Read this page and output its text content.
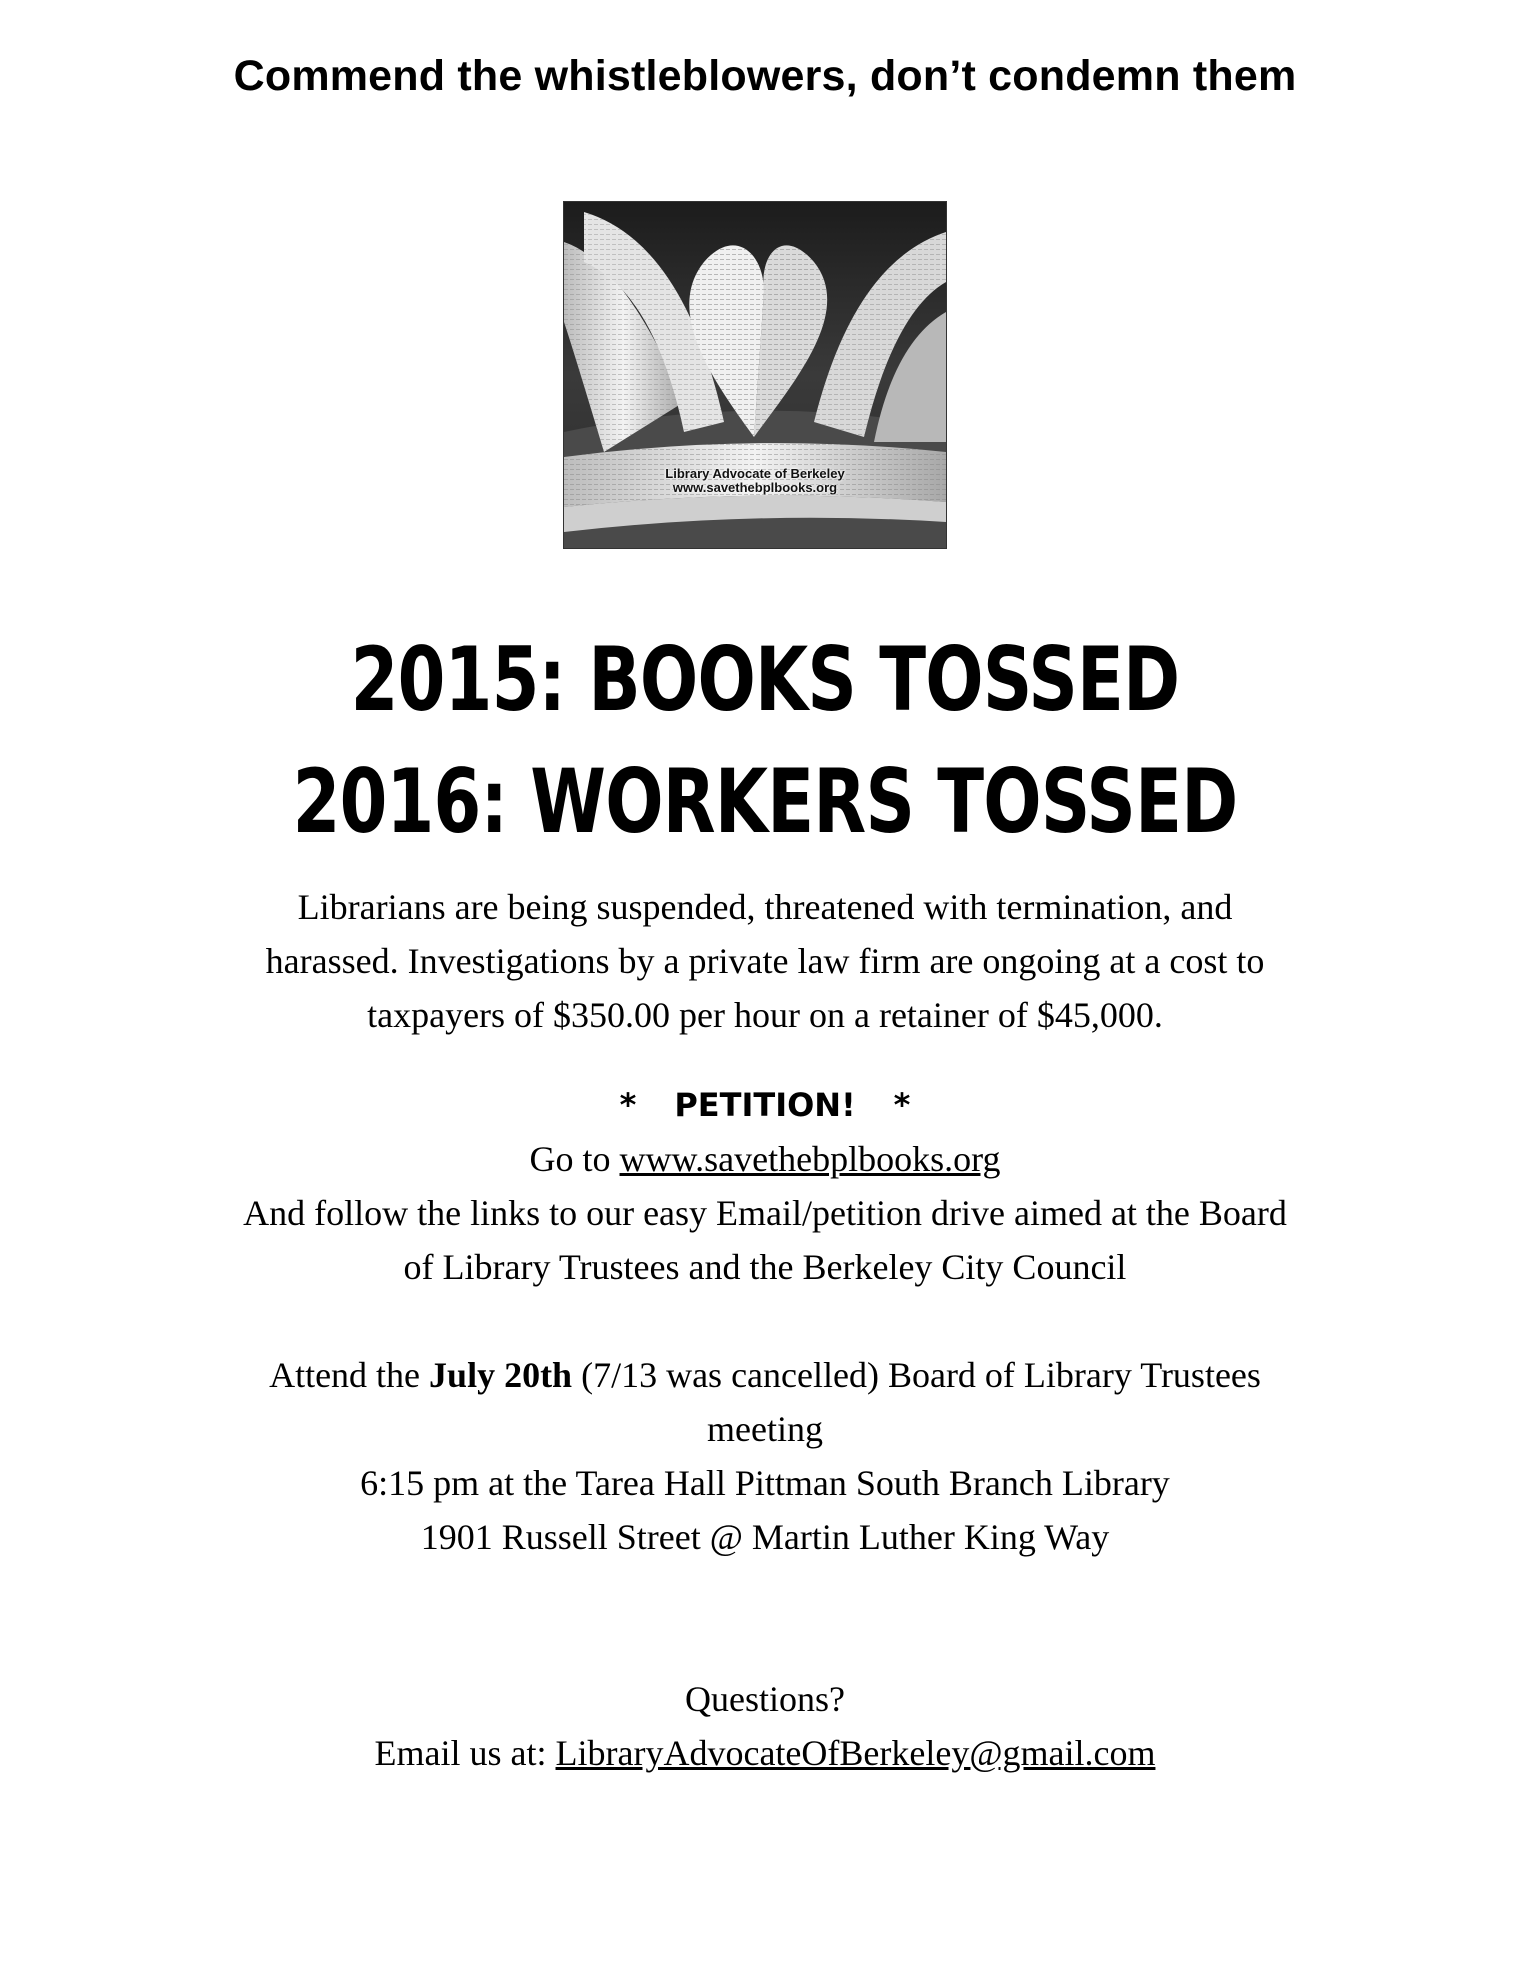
Commend the whistleblowers, don’t condemn them
Library Advocate of Berkeley
www.savethebplbooks.org
2015: BOOKS TOSSED
2016: WORKERS TOSSED
Librarians are being suspended, threatened with termination, and
harassed. Investigations by a private law firm are ongoing at a cost to
taxpayers of $350.00 per hour on a retainer of $45,000.
* PETITION! *
Go to www.savethebplbooks.org
And follow the links to our easy Email/petition drive aimed at the Board
of Library Trustees and the Berkeley City Council
Attend the July 20th (7/13 was cancelled) Board of Library Trustees
meeting
6:15 pm at the Tarea Hall Pittman South Branch Library
1901 Russell Street @ Martin Luther King Way
Questions?
Email us at: LibraryAdvocateOfBerkeley@gmail.com
